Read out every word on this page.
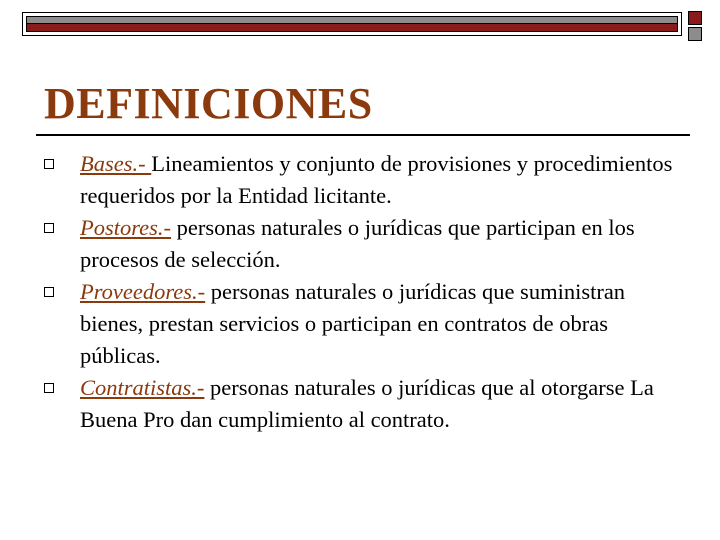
DEFINICIONES
Bases.- Lineamientos y conjunto de provisiones y procedimientos requeridos por la Entidad licitante.
Postores.- personas naturales o jurídicas que participan en los procesos de selección.
Proveedores.- personas naturales o jurídicas que suministran bienes, prestan servicios o participan en contratos de obras públicas.
Contratistas.- personas naturales o jurídicas que al otorgarse La Buena Pro dan cumplimiento al contrato.
